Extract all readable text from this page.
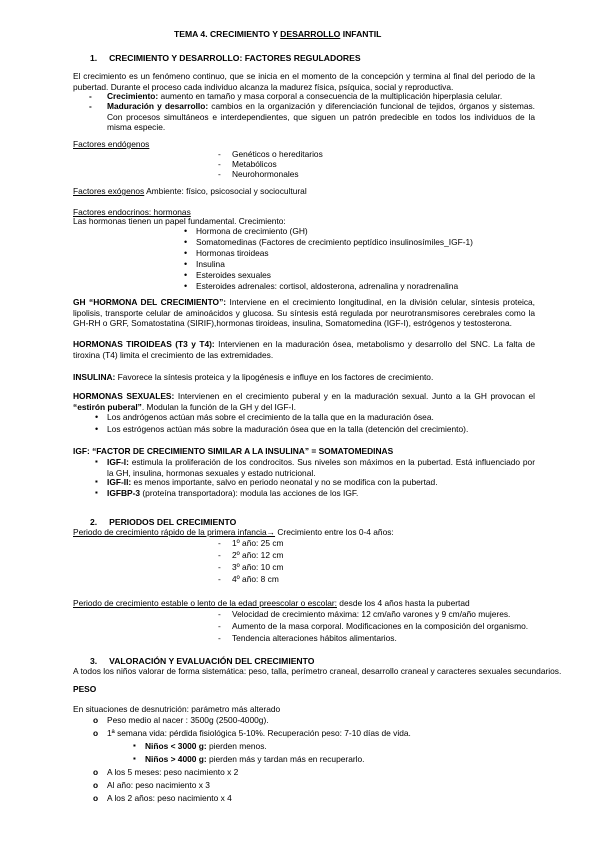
TEMA 4. CRECIMIENTO Y DESARROLLO INFANTIL
1.     CRECIMIENTO Y DESARROLLO: FACTORES REGULADORES
El crecimiento es un fenómeno continuo, que se inicia en el momento de la concepción y termina al final del periodo de la pubertad. Durante el proceso cada individuo alcanza la madurez física, psíquica, social y reproductiva.
- Crecimiento: aumento en tamaño y masa corporal a consecuencia de la multiplicación hiperplasia celular.
- Maduración y desarrollo: cambios en la organización y diferenciación funcional de tejidos, órganos y sistemas. Con procesos simultáneos e interdependientes, que siguen un patrón predecible en todos los individuos de la misma especie.
Factores endógenos
- Genéticos o hereditarios
- Metabólicos
- Neurohormonales
Factores exógenos Ambiente: físico, psicosocial y sociocultural
Factores endocrinos: hormonas
Las hormonas tienen un papel fundamental. Crecimiento:
• Hormona de crecimiento (GH)
• Somatomedinas (Factores de crecimiento peptídico insulinosímiles_IGF-1)
• Hormonas tiroideas
• Insulina
• Esteroides sexuales
• Esteroides adrenales: cortisol, aldosterona, adrenalina y noradrenalina
GH “HORMONA DEL CRECIMIENTO”: Interviene en el crecimiento longitudinal, en la división celular, síntesis proteica, lipolisis, transporte celular de aminoácidos y glucosa. Su síntesis está regulada por neurotransmisores cerebrales como la GH-RH o GRF, Somatostatina (SIRIF),hormonas tiroideas, insulina, Somatomedina (IGF-I), estrógenos y testosterona.
HORMONAS TIROIDEAS (T3 y T4): Intervienen en la maduración ósea, metabolismo y desarrollo del SNC. La falta de tiroxina (T4) limita el crecimiento de las extremidades.
INSULINA: Favorece la síntesis proteica y la lipogénesis e influye en los factores de crecimiento.
HORMONAS SEXUALES: Intervienen en el crecimiento puberal y en la maduración sexual. Junto a la GH provocan el “estirón puberal”. Modulan la función de la GH y del IGF-I.
• Los andrógenos actúan más sobre el crecimiento de la talla que en la maduración ósea.
• Los estrógenos actúan más sobre la maduración ósea que en la talla (detención del crecimiento).
IGF: “FACTOR DE CRECIMIENTO SIMILAR A LA INSULINA” = SOMATOMEDINAS
▪ IGF-I: estimula la proliferación de los condrocitos. Sus niveles son máximos en la pubertad. Está influenciado por la GH, insulina, hormonas sexuales y estado nutricional.
▪ IGF-II: es menos importante, salvo en periodo neonatal y no se modifica con la pubertad.
▪ IGFBP-3 (proteína transportadora): modula las acciones de los IGF.
2.     PERIODOS DEL CRECIMIENTO
Periodo de crecimiento rápido de la primera infancia→ Crecimiento entre los 0-4 años:
- 1º año: 25 cm
- 2º año: 12 cm
- 3º año: 10 cm
- 4º año: 8 cm
Periodo de crecimiento estable o lento de la edad preescolar o escolar: desde los 4 años hasta la pubertad
- Velocidad de crecimiento máxima: 12 cm/año varones y 9 cm/año mujeres.
- Aumento de la masa corporal. Modificaciones en la composición del organismo.
- Tendencia alteraciones hábitos alimentarios.
3.     VALORACIÓN Y EVALUACIÓN DEL CRECIMIENTO
A todos los niños valorar de forma sistemática: peso, talla, perímetro craneal, desarrollo craneal y caracteres sexuales secundarios.
PESO
En situaciones de desnutrición: parámetro más alterado
o Peso medio al nacer : 3500g (2500-4000g).
o 1ª semana vida: pérdida fisiológica 5-10%. Recuperación peso: 7-10 días de vida.
▪ Niños < 3000 g: pierden menos.
▪ Niños > 4000 g: pierden más y tardan más en recuperarlo.
o A los 5 meses: peso nacimiento x 2
o Al año: peso nacimiento x 3
o A los 2 años: peso nacimiento x 4
